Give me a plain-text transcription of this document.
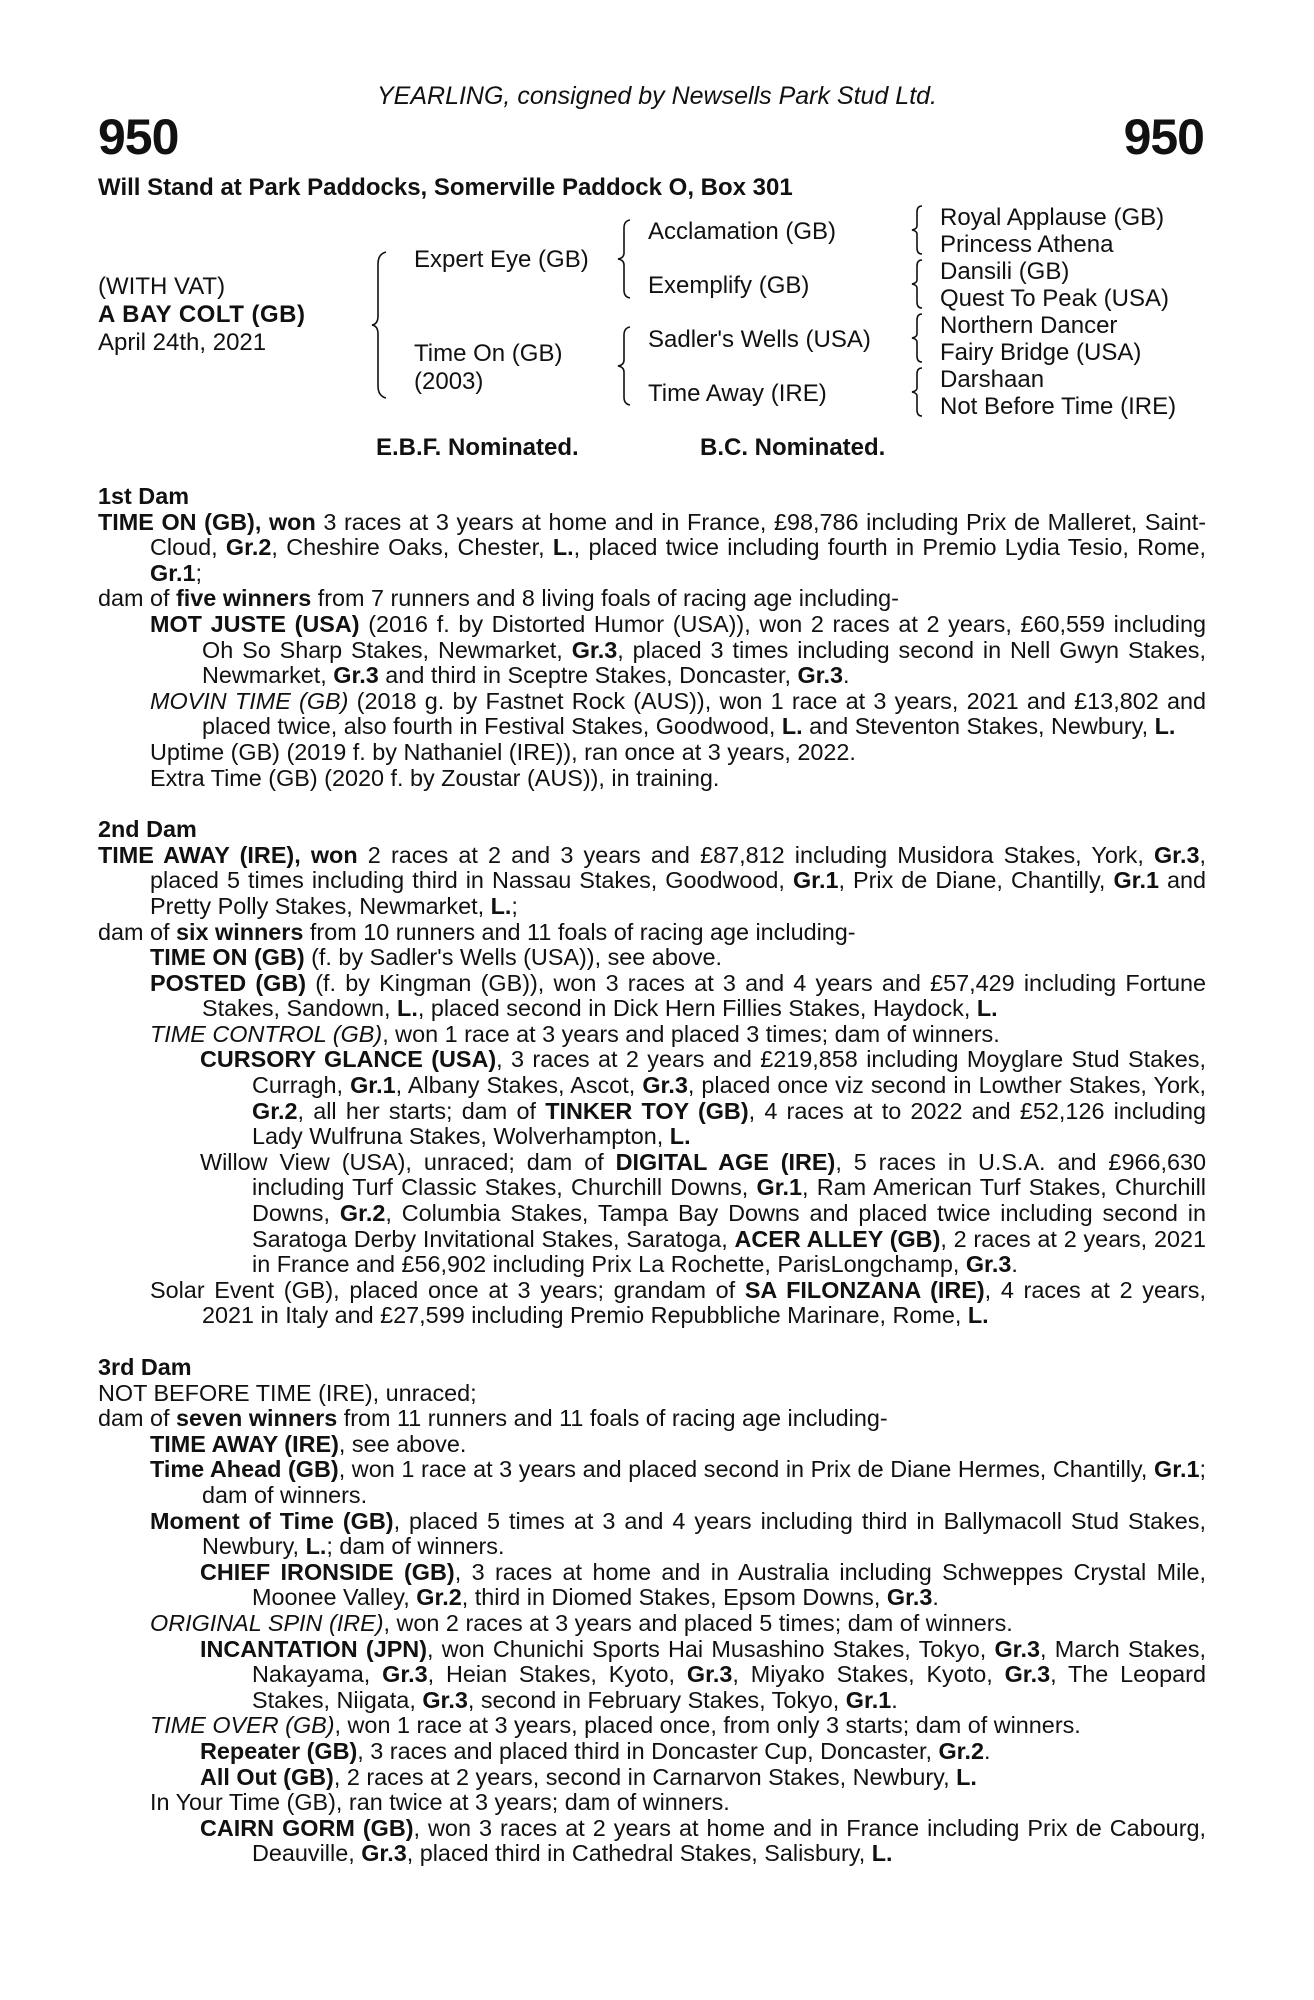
YEARLING, consigned by Newsells Park Stud Ltd.
950	950
Will Stand at Park Paddocks, Somerville Paddock O, Box 301
(WITH VAT)
A BAY COLT (GB)
April 24th, 2021
Expert Eye (GB)
Time On (GB)
(2003)
Acclamation (GB)
Exemplify (GB)
Sadler's Wells (USA)
Time Away (IRE)
Royal Applause (GB)
Princess Athena
Dansili (GB)
Quest To Peak (USA)
Northern Dancer
Fairy Bridge (USA)
Darshaan
Not Before Time (IRE)
E.B.F. Nominated.	B.C. Nominated.
1st Dam

TIME ON (GB), won 3 races at 3 years at home and in France, £98,786 including Prix de Malleret, Saint-Cloud, Gr.2, Cheshire Oaks, Chester, L., placed twice including fourth in Premio Lydia Tesio, Rome, Gr.1;

dam of five winners from 7 runners and 8 living foals of racing age including-

MOT JUSTE (USA) (2016 f. by Distorted Humor (USA)), won 2 races at 2 years, £60,559 including Oh So Sharp Stakes, Newmarket, Gr.3, placed 3 times including second in Nell Gwyn Stakes, Newmarket, Gr.3 and third in Sceptre Stakes, Doncaster, Gr.3.

MOVIN TIME (GB) (2018 g. by Fastnet Rock (AUS)), won 1 race at 3 years, 2021 and £13,802 and placed twice, also fourth in Festival Stakes, Goodwood, L. and Steventon Stakes, Newbury, L.

Uptime (GB) (2019 f. by Nathaniel (IRE)), ran once at 3 years, 2022.

Extra Time (GB) (2020 f. by Zoustar (AUS)), in training.

2nd Dam

TIME AWAY (IRE), won 2 races at 2 and 3 years and £87,812 including Musidora Stakes, York, Gr.3, placed 5 times including third in Nassau Stakes, Goodwood, Gr.1, Prix de Diane, Chantilly, Gr.1 and Pretty Polly Stakes, Newmarket, L.;

dam of six winners from 10 runners and 11 foals of racing age including-

TIME ON (GB) (f. by Sadler's Wells (USA)), see above.

POSTED (GB) (f. by Kingman (GB)), won 3 races at 3 and 4 years and £57,429 including Fortune Stakes, Sandown, L., placed second in Dick Hern Fillies Stakes, Haydock, L.

TIME CONTROL (GB), won 1 race at 3 years and placed 3 times; dam of winners.

CURSORY GLANCE (USA), 3 races at 2 years and £219,858 including Moyglare Stud Stakes, Curragh, Gr.1, Albany Stakes, Ascot, Gr.3, placed once viz second in Lowther Stakes, York, Gr.2, all her starts; dam of TINKER TOY (GB), 4 races at to 2022 and £52,126 including Lady Wulfruna Stakes, Wolverhampton, L.

Willow View (USA), unraced; dam of DIGITAL AGE (IRE), 5 races in U.S.A. and £966,630 including Turf Classic Stakes, Churchill Downs, Gr.1, Ram American Turf Stakes, Churchill Downs, Gr.2, Columbia Stakes, Tampa Bay Downs and placed twice including second in Saratoga Derby Invitational Stakes, Saratoga, ACER ALLEY (GB), 2 races at 2 years, 2021 in France and £56,902 including Prix La Rochette, ParisLongchamp, Gr.3.

Solar Event (GB), placed once at 3 years; grandam of SA FILONZANA (IRE), 4 races at 2 years, 2021 in Italy and £27,599 including Premio Repubbliche Marinare, Rome, L.

3rd Dam

NOT BEFORE TIME (IRE), unraced;

dam of seven winners from 11 runners and 11 foals of racing age including-

TIME AWAY (IRE), see above.

Time Ahead (GB), won 1 race at 3 years and placed second in Prix de Diane Hermes, Chantilly, Gr.1; dam of winners.

Moment of Time (GB), placed 5 times at 3 and 4 years including third in Ballymacoll Stud Stakes, Newbury, L.; dam of winners.

CHIEF IRONSIDE (GB), 3 races at home and in Australia including Schweppes Crystal Mile, Moonee Valley, Gr.2, third in Diomed Stakes, Epsom Downs, Gr.3.

ORIGINAL SPIN (IRE), won 2 races at 3 years and placed 5 times; dam of winners.

INCANTATION (JPN), won Chunichi Sports Hai Musashino Stakes, Tokyo, Gr.3, March Stakes, Nakayama, Gr.3, Heian Stakes, Kyoto, Gr.3, Miyako Stakes, Kyoto, Gr.3, The Leopard Stakes, Niigata, Gr.3, second in February Stakes, Tokyo, Gr.1.

TIME OVER (GB), won 1 race at 3 years, placed once, from only 3 starts; dam of winners.

Repeater (GB), 3 races and placed third in Doncaster Cup, Doncaster, Gr.2.

All Out (GB), 2 races at 2 years, second in Carnarvon Stakes, Newbury, L.

In Your Time (GB), ran twice at 3 years; dam of winners.

CAIRN GORM (GB), won 3 races at 2 years at home and in France including Prix de Cabourg, Deauville, Gr.3, placed third in Cathedral Stakes, Salisbury, L.
